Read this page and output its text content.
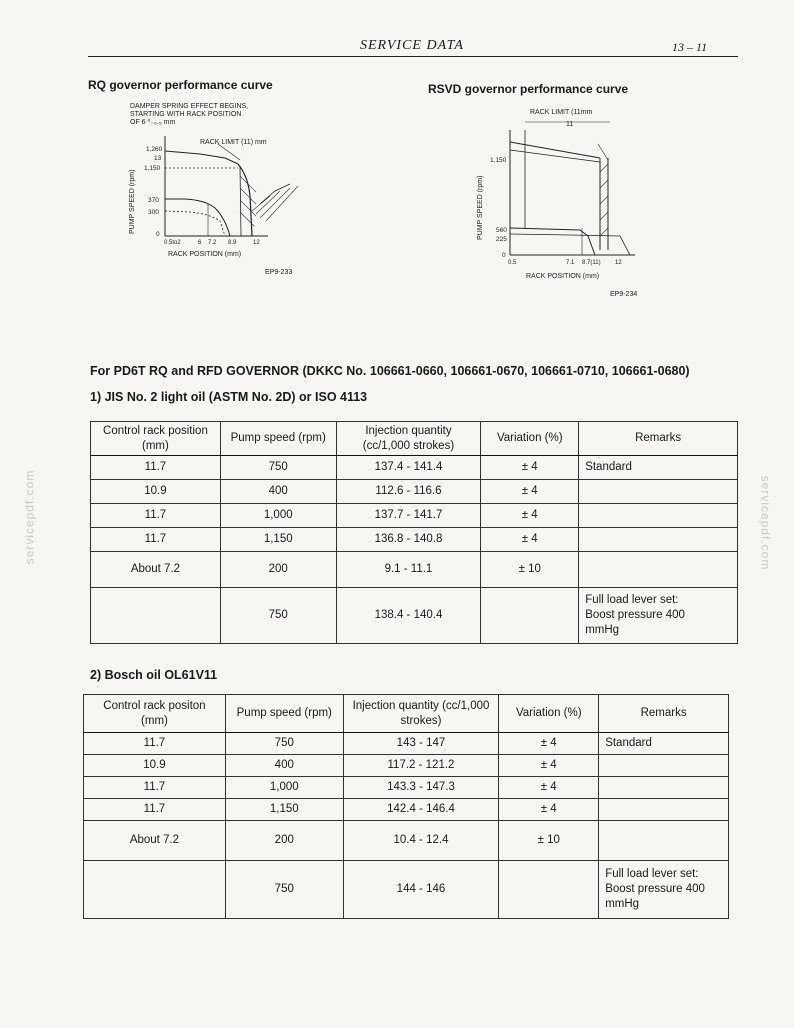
SERVICE DATA	13 – 11
servicepdf.com	servicepdf.com
RQ governor performance curve
DAMPER SPRING EFFECT BEGINS,
STARTING WITH RACK POSITION
OF 6 ⁰₋₀.₅ mm
RACK LIMIT (11) mm
PUMP SPEED (rpm)
1,260
13
1,150
370
300
0
0.5to2	6 7.2 8.9	12
RACK POSITION (mm)
EP9-233
RSVD governor performance curve
RACK LIMIT (11mm
11
PUMP SPEED (rpm)
1,150
560
225
0
0.5	7.1 8.7(11) 12
RACK POSITION (mm)
EP9-234
For PD6T RQ and RFD GOVERNOR (DKKC No. 106661-0660, 106661-0670, 106661-0710, 106661-0680)
1) JIS No. 2 light oil (ASTM No. 2D) or ISO 4113
Control rack position (mm)	Pump speed (rpm)	Injection quantity (cc/1,000 strokes)	Variation (%)	Remarks
11.7	750	137.4 - 141.4	± 4	Standard
10.9	400	112.6 - 116.6	± 4	
11.7	1,000	137.7 - 141.7	± 4	
11.7	1,150	136.8 - 140.8	± 4	
About 7.2	200	9.1 - 11.1	± 10	
	750	138.4 - 140.4		Full load lever set: Boost pressure 400 mmHg
2) Bosch oil OL61V11
Control rack positon (mm)	Pump speed (rpm)	Injection quantity (cc/1,000 strokes)	Variation (%)	Remarks
11.7	750	143 - 147	± 4	Standard
10.9	400	117.2 - 121.2	± 4	
11.7	1,000	143.3 - 147.3	± 4	
11.7	1,150	142.4 - 146.4	± 4	
About 7.2	200	10.4 - 12.4	± 10	
	750	144 - 146		Full load lever set: Boost pressure 400 mmHg
